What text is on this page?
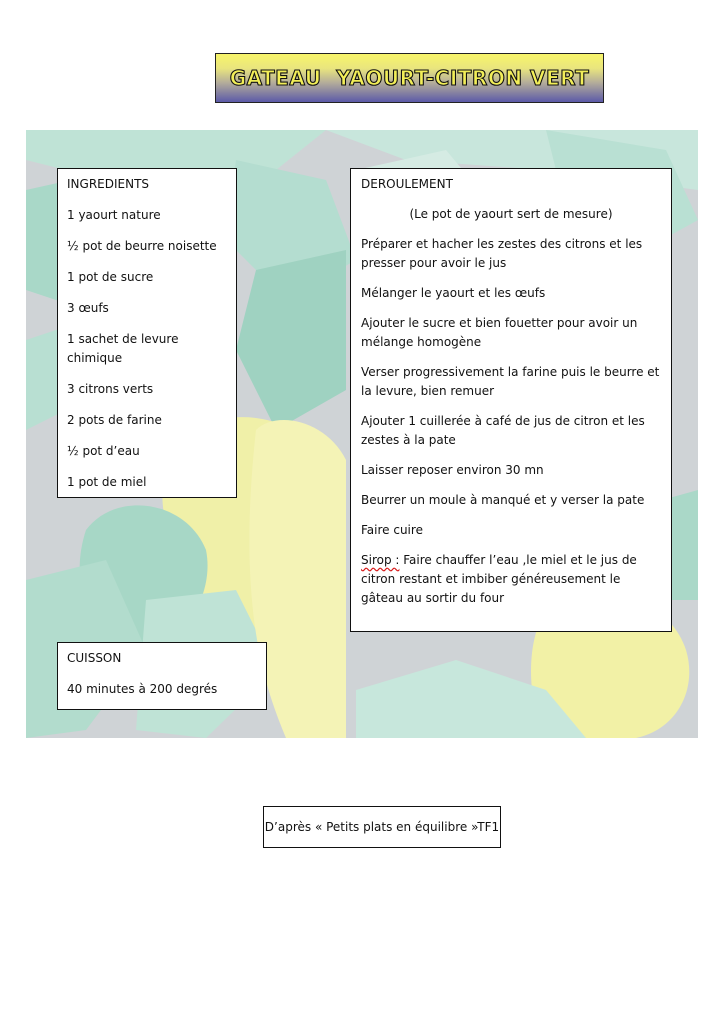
GATEAU  YAOURT-CITRON VERT

INGREDIENTS

1 yaourt nature

½ pot de beurre noisette

1 pot de sucre

3 œufs

1 sachet de levure chimique

3 citrons verts

2 pots de farine

½ pot d’eau

1 pot de miel

DEROULEMENT

(Le pot de yaourt sert de mesure)

Préparer et hacher les zestes des citrons et les presser pour avoir le jus

Mélanger le yaourt et les œufs

Ajouter le sucre et bien fouetter pour avoir un mélange homogène

Verser progressivement la farine puis le beurre et la levure, bien remuer

Ajouter 1 cuillerée à café de jus de citron et les zestes à la pate

Laisser reposer environ 30 mn

Beurrer un moule à manqué et y verser la pate

Faire cuire

Sirop : Faire chauffer l’eau ,le miel et le jus de citron restant et imbiber généreusement le gâteau au sortir du four

CUISSON

40 minutes à 200 degrés

D’après « Petits plats en équilibre »TF1
